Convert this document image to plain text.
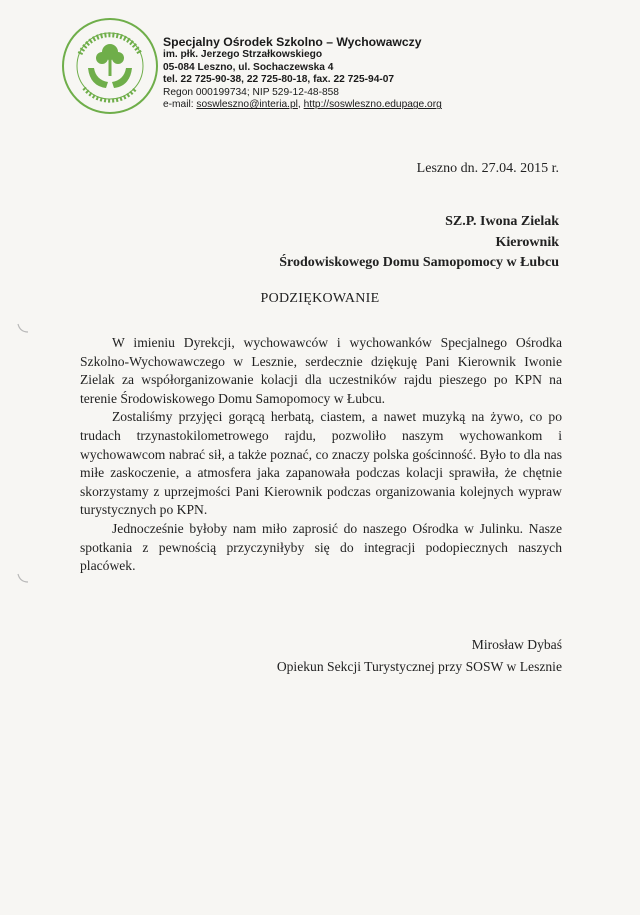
Specjalny Ośrodek Szkolno – Wychowawczy

im. płk. Jerzego Strzałkowskiego

05-084 Leszno, ul. Sochaczewska 4

tel. 22 725-90-38, 22 725-80-18, fax. 22 725-94-07

Regon 000199734; NIP 529-12-48-858

e-mail: soswleszno@interia.pl, http://soswleszno.edupage.org

Leszno dn. 27.04. 2015 r.
SZ.P. Iwona Zielak
Kierownik
Środowiskowego Domu Samopomocy w Łubcu
PODZIĘKOWANIE

W imieniu Dyrekcji, wychowawców i wychowanków Specjalnego Ośrodka Szkolno-Wychowawczego w Lesznie, serdecznie dziękuję Pani Kierownik Iwonie Zielak za współorganizowanie kolacji dla uczestników rajdu pieszego po KPN na terenie Środowiskowego Domu Samopomocy w Łubcu.

Zostaliśmy przyjęci gorącą herbatą, ciastem, a nawet muzyką na żywo, co po trudach trzynastokilometrowego rajdu, pozwoliło naszym wychowankom i wychowawcom nabrać sił, a także poznać, co znaczy polska gościnność. Było to dla nas miłe zaskoczenie, a atmosfera jaka zapanowała podczas kolacji sprawiła, że chętnie skorzystamy z uprzejmości Pani Kierownik podczas organizowania kolejnych wypraw turystycznych po KPN.

Jednocześnie byłoby nam miło zaprosić do naszego Ośrodka w Julinku. Nasze spotkania z pewnością przyczyniłyby się do integracji podopiecznych naszych placówek.

Mirosław Dybaś
Opiekun Sekcji Turystycznej przy SOSW w Lesznie
